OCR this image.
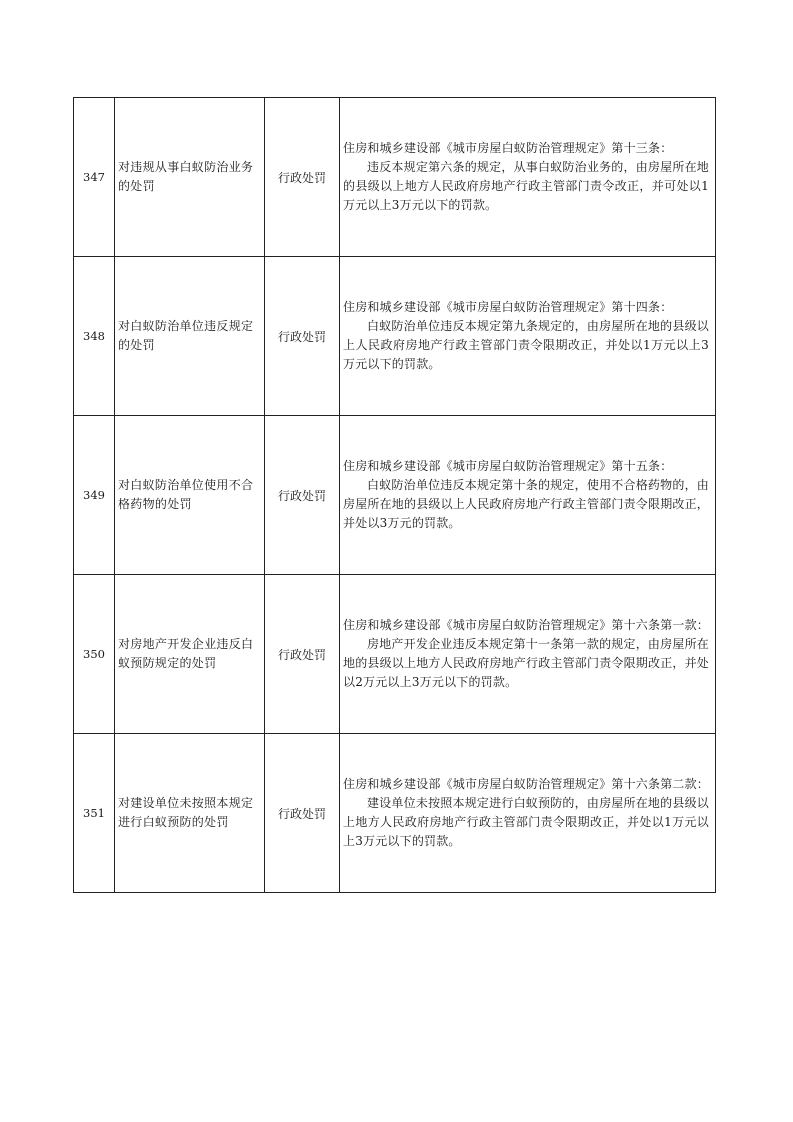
347	对违规从事白蚁防治业务的处罚	行政处罚	住房和城乡建设部《城市房屋白蚁防治管理规定》第十三条：
违反本规定第六条的规定，从事白蚁防治业务的，由房屋所在地的县级以上地方人民政府房地产行政主管部门责令改正，并可处以1万元以上3万元以下的罚款。

348	对白蚁防治单位违反规定的处罚	行政处罚	住房和城乡建设部《城市房屋白蚁防治管理规定》第十四条：
白蚁防治单位违反本规定第九条规定的，由房屋所在地的县级以上人民政府房地产行政主管部门责令限期改正，并处以1万元以上3万元以下的罚款。

349	对白蚁防治单位使用不合格药物的处罚	行政处罚	住房和城乡建设部《城市房屋白蚁防治管理规定》第十五条：
白蚁防治单位违反本规定第十条的规定，使用不合格药物的，由房屋所在地的县级以上人民政府房地产行政主管部门责令限期改正，并处以3万元的罚款。

350	对房地产开发企业违反白蚁预防规定的处罚	行政处罚	住房和城乡建设部《城市房屋白蚁防治管理规定》第十六条第一款：
房地产开发企业违反本规定第十一条第一款的规定，由房屋所在地的县级以上地方人民政府房地产行政主管部门责令限期改正，并处以2万元以上3万元以下的罚款。

351	对建设单位未按照本规定进行白蚁预防的处罚	行政处罚	住房和城乡建设部《城市房屋白蚁防治管理规定》第十六条第二款：
建设单位未按照本规定进行白蚁预防的，由房屋所在地的县级以上地方人民政府房地产行政主管部门责令限期改正，并处以1万元以上3万元以下的罚款。
